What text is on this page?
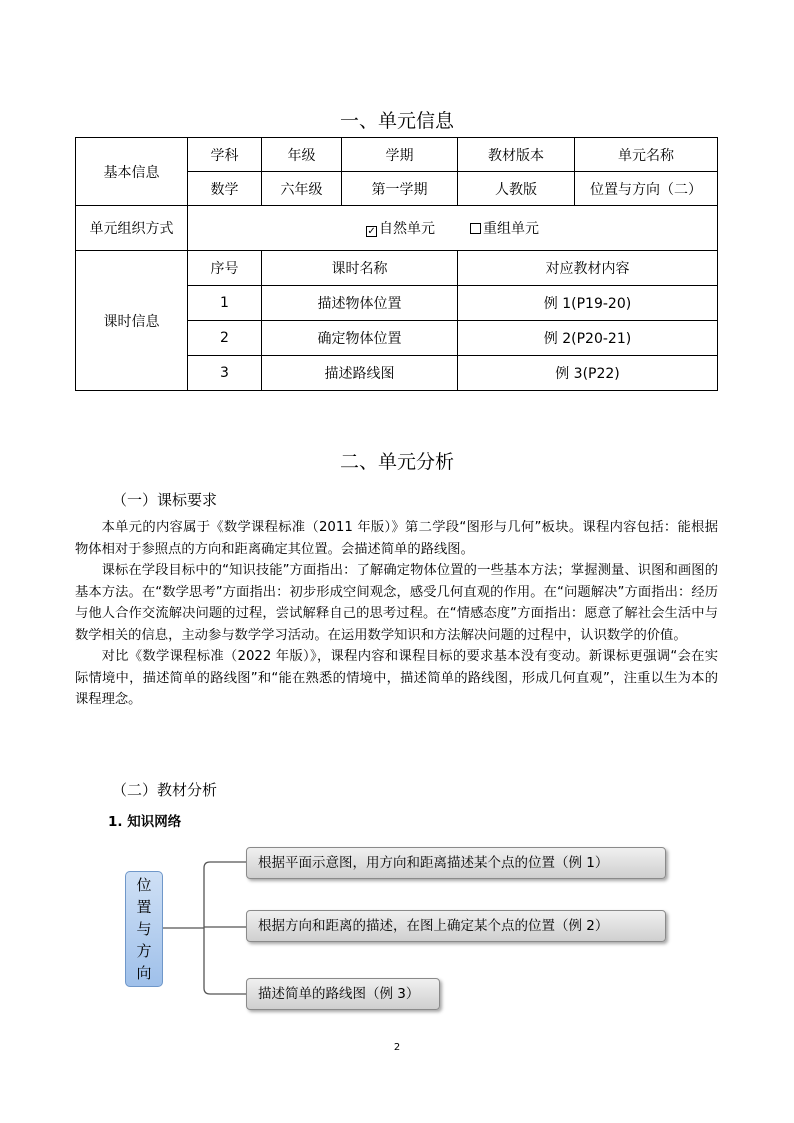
一、单元信息
基本信息	学科	年级	学期	教材版本	单元名称
	数学	六年级	第一学期	人教版	位置与方向（二）
单元组织方式	✓ 自然单元 重组单元				
课时信息	序号	课时名称		对应教材内容	
	1	描述物体位置		例 1(P19-20)	
	2	确定物体位置		例 2(P20-21)	
	3	描述路线图		例 3(P22)	
二、单元分析
（一）课标要求

本单元的内容属于《数学课程标准（2011 年版）》第二学段“图形与几何”板块。课程内容包括：能根据物体相对于参照点的方向和距离确定其位置。会描述简单的路线图。

课标在学段目标中的“知识技能”方面指出：了解确定物体位置的一些基本方法；掌握测量、识图和画图的基本方法。在“数学思考”方面指出：初步形成空间观念，感受几何直观的作用。在“问题解决”方面指出：经历与他人合作交流解决问题的过程，尝试解释自己的思考过程。在“情感态度”方面指出：愿意了解社会生活中与数学相关的信息，主动参与数学学习活动。在运用数学知识和方法解决问题的过程中，认识数学的价值。

对比《数学课程标准（2022 年版）》，课程内容和课程目标的要求基本没有变动。新课标更强调“会在实际情境中，描述简单的路线图”和“能在熟悉的情境中，描述简单的路线图，形成几何直观”，注重以生为本的课程理念。

（二）教材分析
1. 知识网络
位
置
与
方
向
根据平面示意图，用方向和距离描述某个点的位置（例 1）
根据方向和距离的描述，在图上确定某个点的位置（例 2）
描述简单的路线图（例 3）
2
